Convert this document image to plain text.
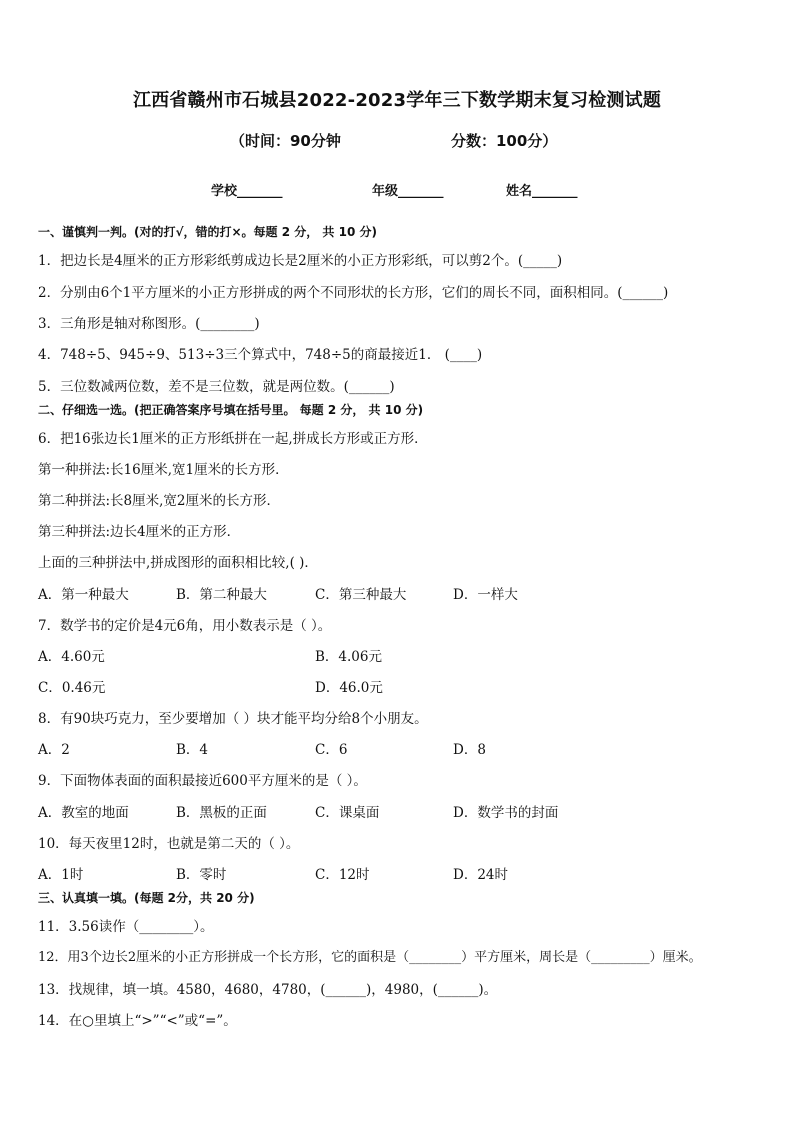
江西省赣州市石城县2022-2023学年三下数学期末复习检测试题
（时间：90分钟	分数：100分）
学校_______	年级_______	姓名_______
一、谨慎判一判。(对的打√，错的打×。每题 2 分， 共 10 分)
1．把边长是4厘米的正方形彩纸剪成边长是2厘米的小正方形彩纸，可以剪2个。(_____)
2．分别由6个1平方厘米的小正方形拼成的两个不同形状的长方形，它们的周长不同，面积相同。(______)
3．三角形是轴对称图形。(________)
4．748÷5、945÷9、513÷3三个算式中，748÷5的商最接近1． (____)
5．三位数减两位数，差不是三位数，就是两位数。(______)
二、仔细选一选。(把正确答案序号填在括号里。 每题 2 分， 共 10 分)
6．把16张边长1厘米的正方形纸拼在一起,拼成长方形或正方形．
第一种拼法:长16厘米,宽1厘米的长方形．
第二种拼法:长8厘米,宽2厘米的长方形．
第三种拼法:边长4厘米的正方形．
上面的三种拼法中,拼成图形的面积相比较,( )．
A．第一种最大	B．第二种最大	C．第三种最大	D．一样大
7．数学书的定价是4元6角，用小数表示是（ ）。
A．4.60元	B．4.06元
C．0.46元	D．46.0元
8．有90块巧克力，至少要增加（ ）块才能平均分给8个小朋友。
A．2	B．4	C．6	D．8
9．下面物体表面的面积最接近600平方厘米的是（ ）。
A．教室的地面	B．黑板的正面	C．课桌面	D．数学书的封面
10．每天夜里12时，也就是第二天的（ ）。
A．1时	B．零时	C．12时	D．24时
三、认真填一填。(每题 2分，共 20 分)
11．3.56读作（________）。
12．用3个边长2厘米的小正方形拼成一个长方形，它的面积是（________）平方厘米，周长是（_________）厘米。
13．找规律，填一填。4580，4680，4780，(______)，4980，(______)。
14．在○里填上“>”“<”或“=”。
